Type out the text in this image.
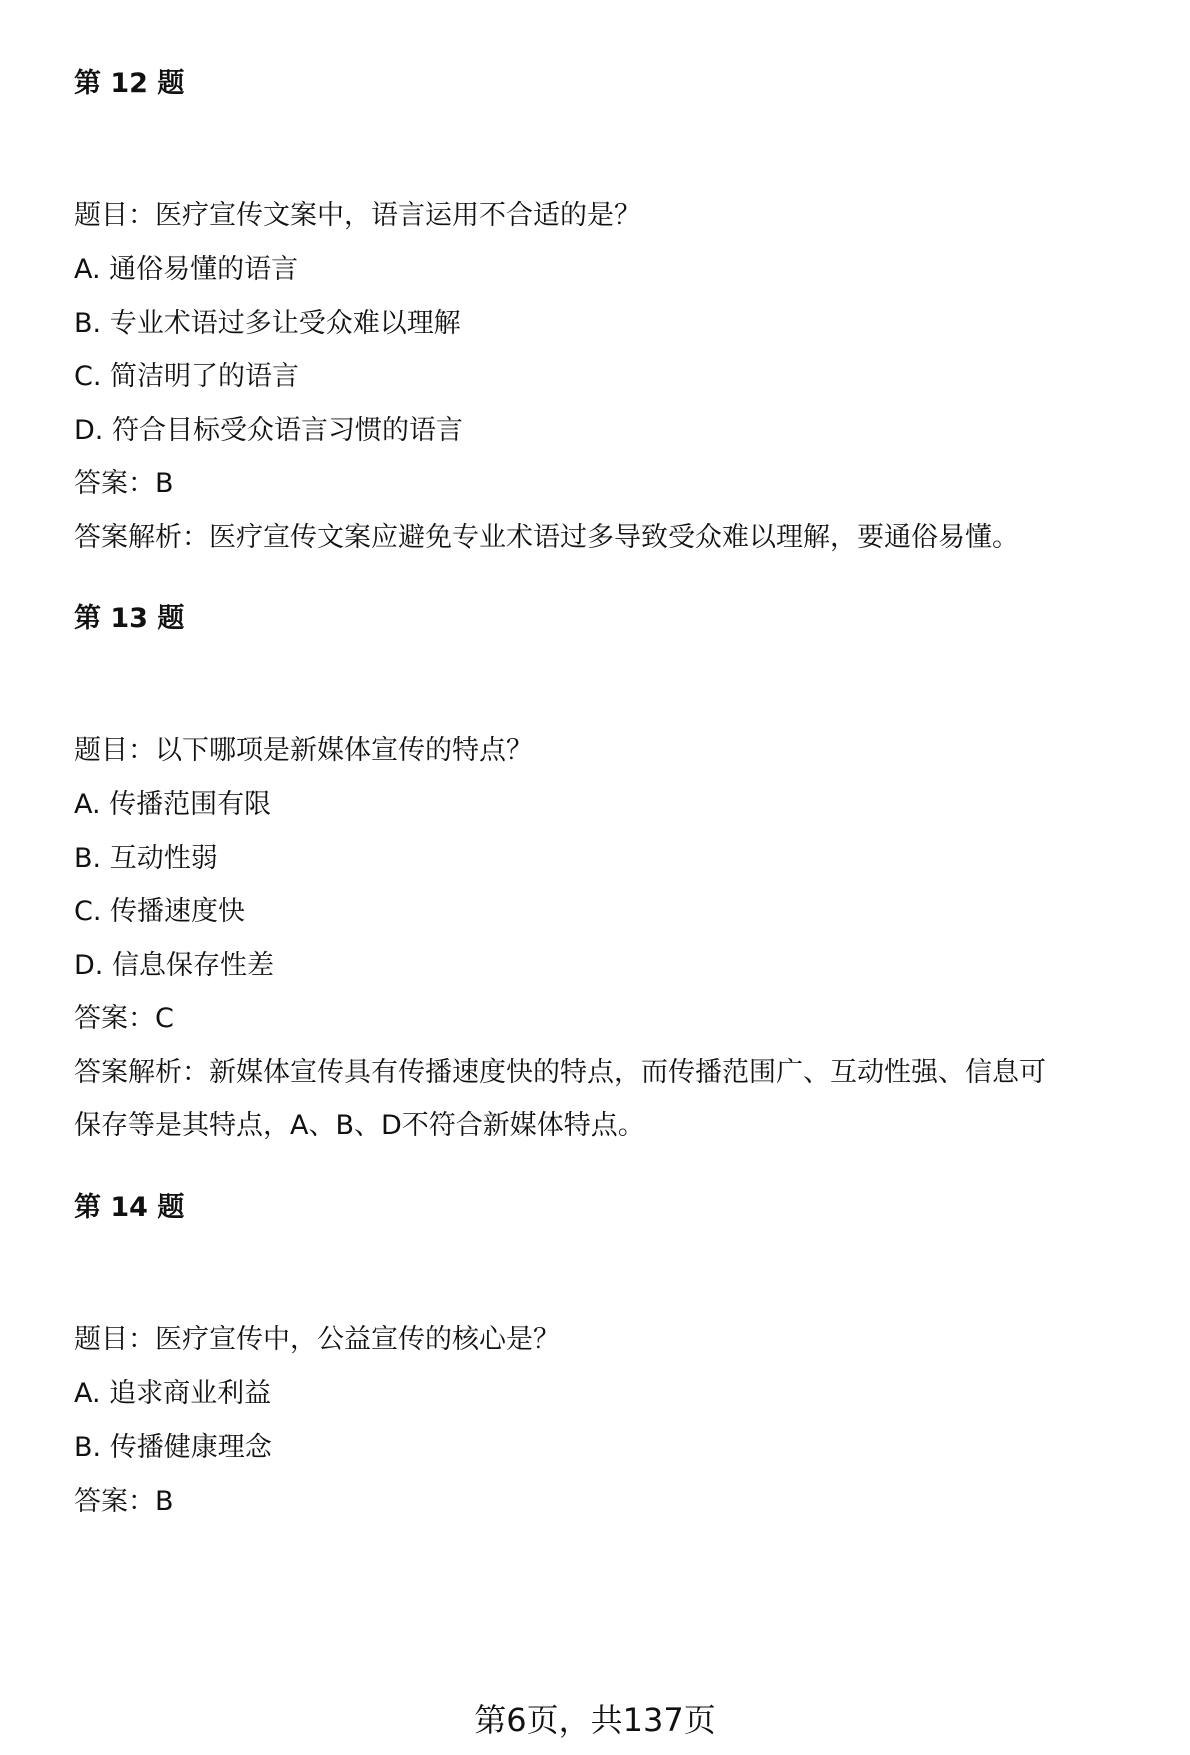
第 12 题
题目：医疗宣传文案中，语言运用不合适的是？
A. 通俗易懂的语言
B. 专业术语过多让受众难以理解
C. 简洁明了的语言
D. 符合目标受众语言习惯的语言
答案：B
答案解析：医疗宣传文案应避免专业术语过多导致受众难以理解，要通俗易懂。
第 13 题
题目：以下哪项是新媒体宣传的特点？
A. 传播范围有限
B. 互动性弱
C. 传播速度快
D. 信息保存性差
答案：C
答案解析：新媒体宣传具有传播速度快的特点，而传播范围广、互动性强、信息可
保存等是其特点，A、B、D不符合新媒体特点。
第 14 题
题目：医疗宣传中，公益宣传的核心是？
A. 追求商业利益
B. 传播健康理念
答案：B
第6页，共137页
